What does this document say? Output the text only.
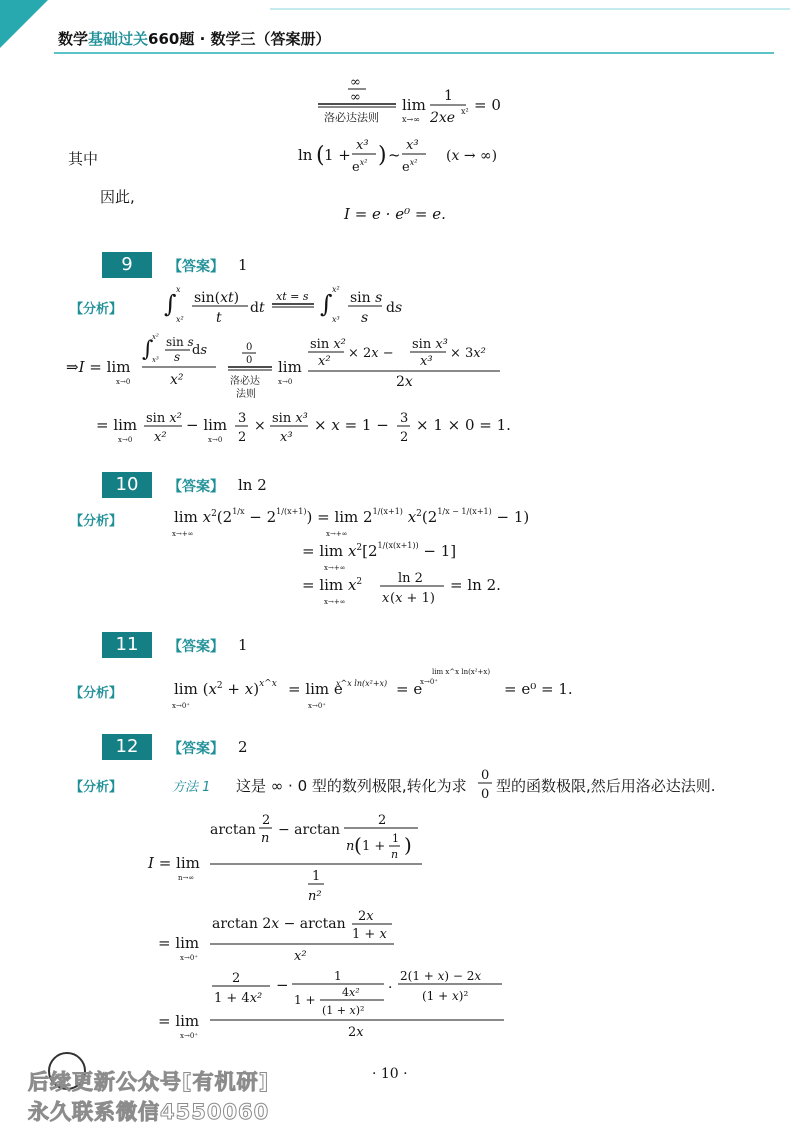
数学基础过关660题 · 数学三（答案册）
∞
∞
洛必达法则
lim
x→∞
1
2xe x² = 0
其中	ln ( 1 +
x³
$e^{x^2}$ ) ~
x³
$e^{x^2}$ (x → ∞)
因此,
I = e · e⁰ = e.
9	【答案】 1
【分析】 ∫
x
x²
sin(xt)
t
dt
xt = s ∫
x²
x³
sin s
s
ds
⇒I = lim
x→0
∫
x²
x³
sin s
s ds
x²
0
0
洛必达
法则
lim
x→0
sin x²
x²
× 2x −
sin x³
x³
× 3x²
2x
= lim
x→0
sin x²
x²
− lim
x→0
3
2
× sin x³
x³
× x = 1 − 3
2
× 1 × 0 = 1.
10	【答案】 ln 2
【分析】	$\lim x^2(2^{1/x} - 2^{1/(x+1)}) = \lim 2^{1/(x+1)}$ $x^2(2^{1/x - 1/(x+1)} - 1)$
x→+∞	x→+∞
= $\lim x^2[2^{1/(x(x+1))} - 1]$
x→+∞
= $\lim x^2$
x→+∞
ln 2
x (x + 1)
= ln 2.
11	【答案】 1
【分析】	$\lim (x^2 + x)^{x\^{}x}$
x→0⁺
= lim e
x^x ln(x²+x)
x→0⁺
= e
lim x^x ln(x²+x)
x→0⁺	= e⁰ = 1.
12	【答案】 2
【分析】	方法 1 这是 ∞ · 0 型的数列极限,转化为求
0
0 型的函数极限,然后用洛必达法则.
arctan
2
n
− arctan
2
n ( 1 +
1
n )
I = lim
n→∞	1
n²
arctan 2x − arctan 2x
1 + x
x²
= lim
x→0⁺
2
1 + 4x²
−	1
1 +
4x²
(1 + x)²
·
2(1 + x) − 2x
(1 + x)²
2x
= lim
x→0⁺
· 10 ·
后续更新公众号[有机研]
永久联系微信4550060
